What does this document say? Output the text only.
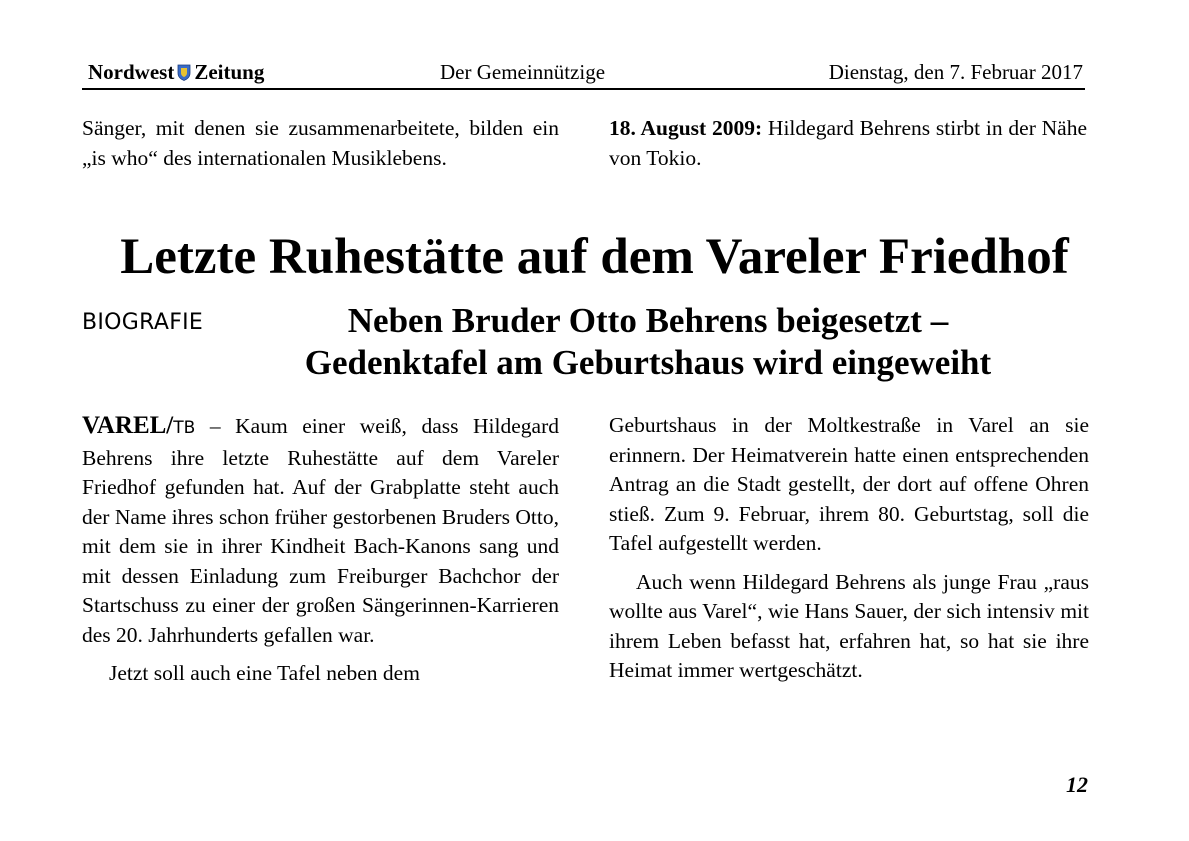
Nordwest Zeitung	Der Gemeinnützige	Dienstag, den 7. Februar 2017

Sänger, mit denen sie zusammenarbeitete, bilden ein „is who“ des internationalen Musiklebens.

18. August 2009: Hildegard Behrens stirbt in der Nähe von Tokio.

Letzte Ruhestätte auf dem Vareler Friedhof
BIOGRAFIE	Neben Bruder Otto Behrens beigesetzt –
Gedenktafel am Geburtshaus wird eingeweiht

VAREL/TB – Kaum einer weiß, dass Hildegard Behrens ihre letzte Ruhestätte auf dem Vareler Friedhof gefunden hat. Auf der Grabplatte steht auch der Name ihres schon früher gestorbenen Bruders Otto, mit dem sie in ihrer Kindheit Bach-Kanons sang und mit dessen Einladung zum Freiburger Bachchor der Startschuss zu einer der großen Sängerinnen-Karrieren des 20. Jahrhunderts gefallen war.

Jetzt soll auch eine Tafel neben dem

Geburtshaus in der Moltkestraße in Varel an sie erinnern. Der Heimatverein hatte einen entsprechenden Antrag an die Stadt gestellt, der dort auf offene Ohren stieß. Zum 9. Februar, ihrem 80. Geburtstag, soll die Tafel aufgestellt werden.

Auch wenn Hildegard Behrens als junge Frau „raus wollte aus Varel“, wie Hans Sauer, der sich intensiv mit ihrem Leben befasst hat, erfahren hat, so hat sie ihre Heimat immer wertgeschätzt.

12
